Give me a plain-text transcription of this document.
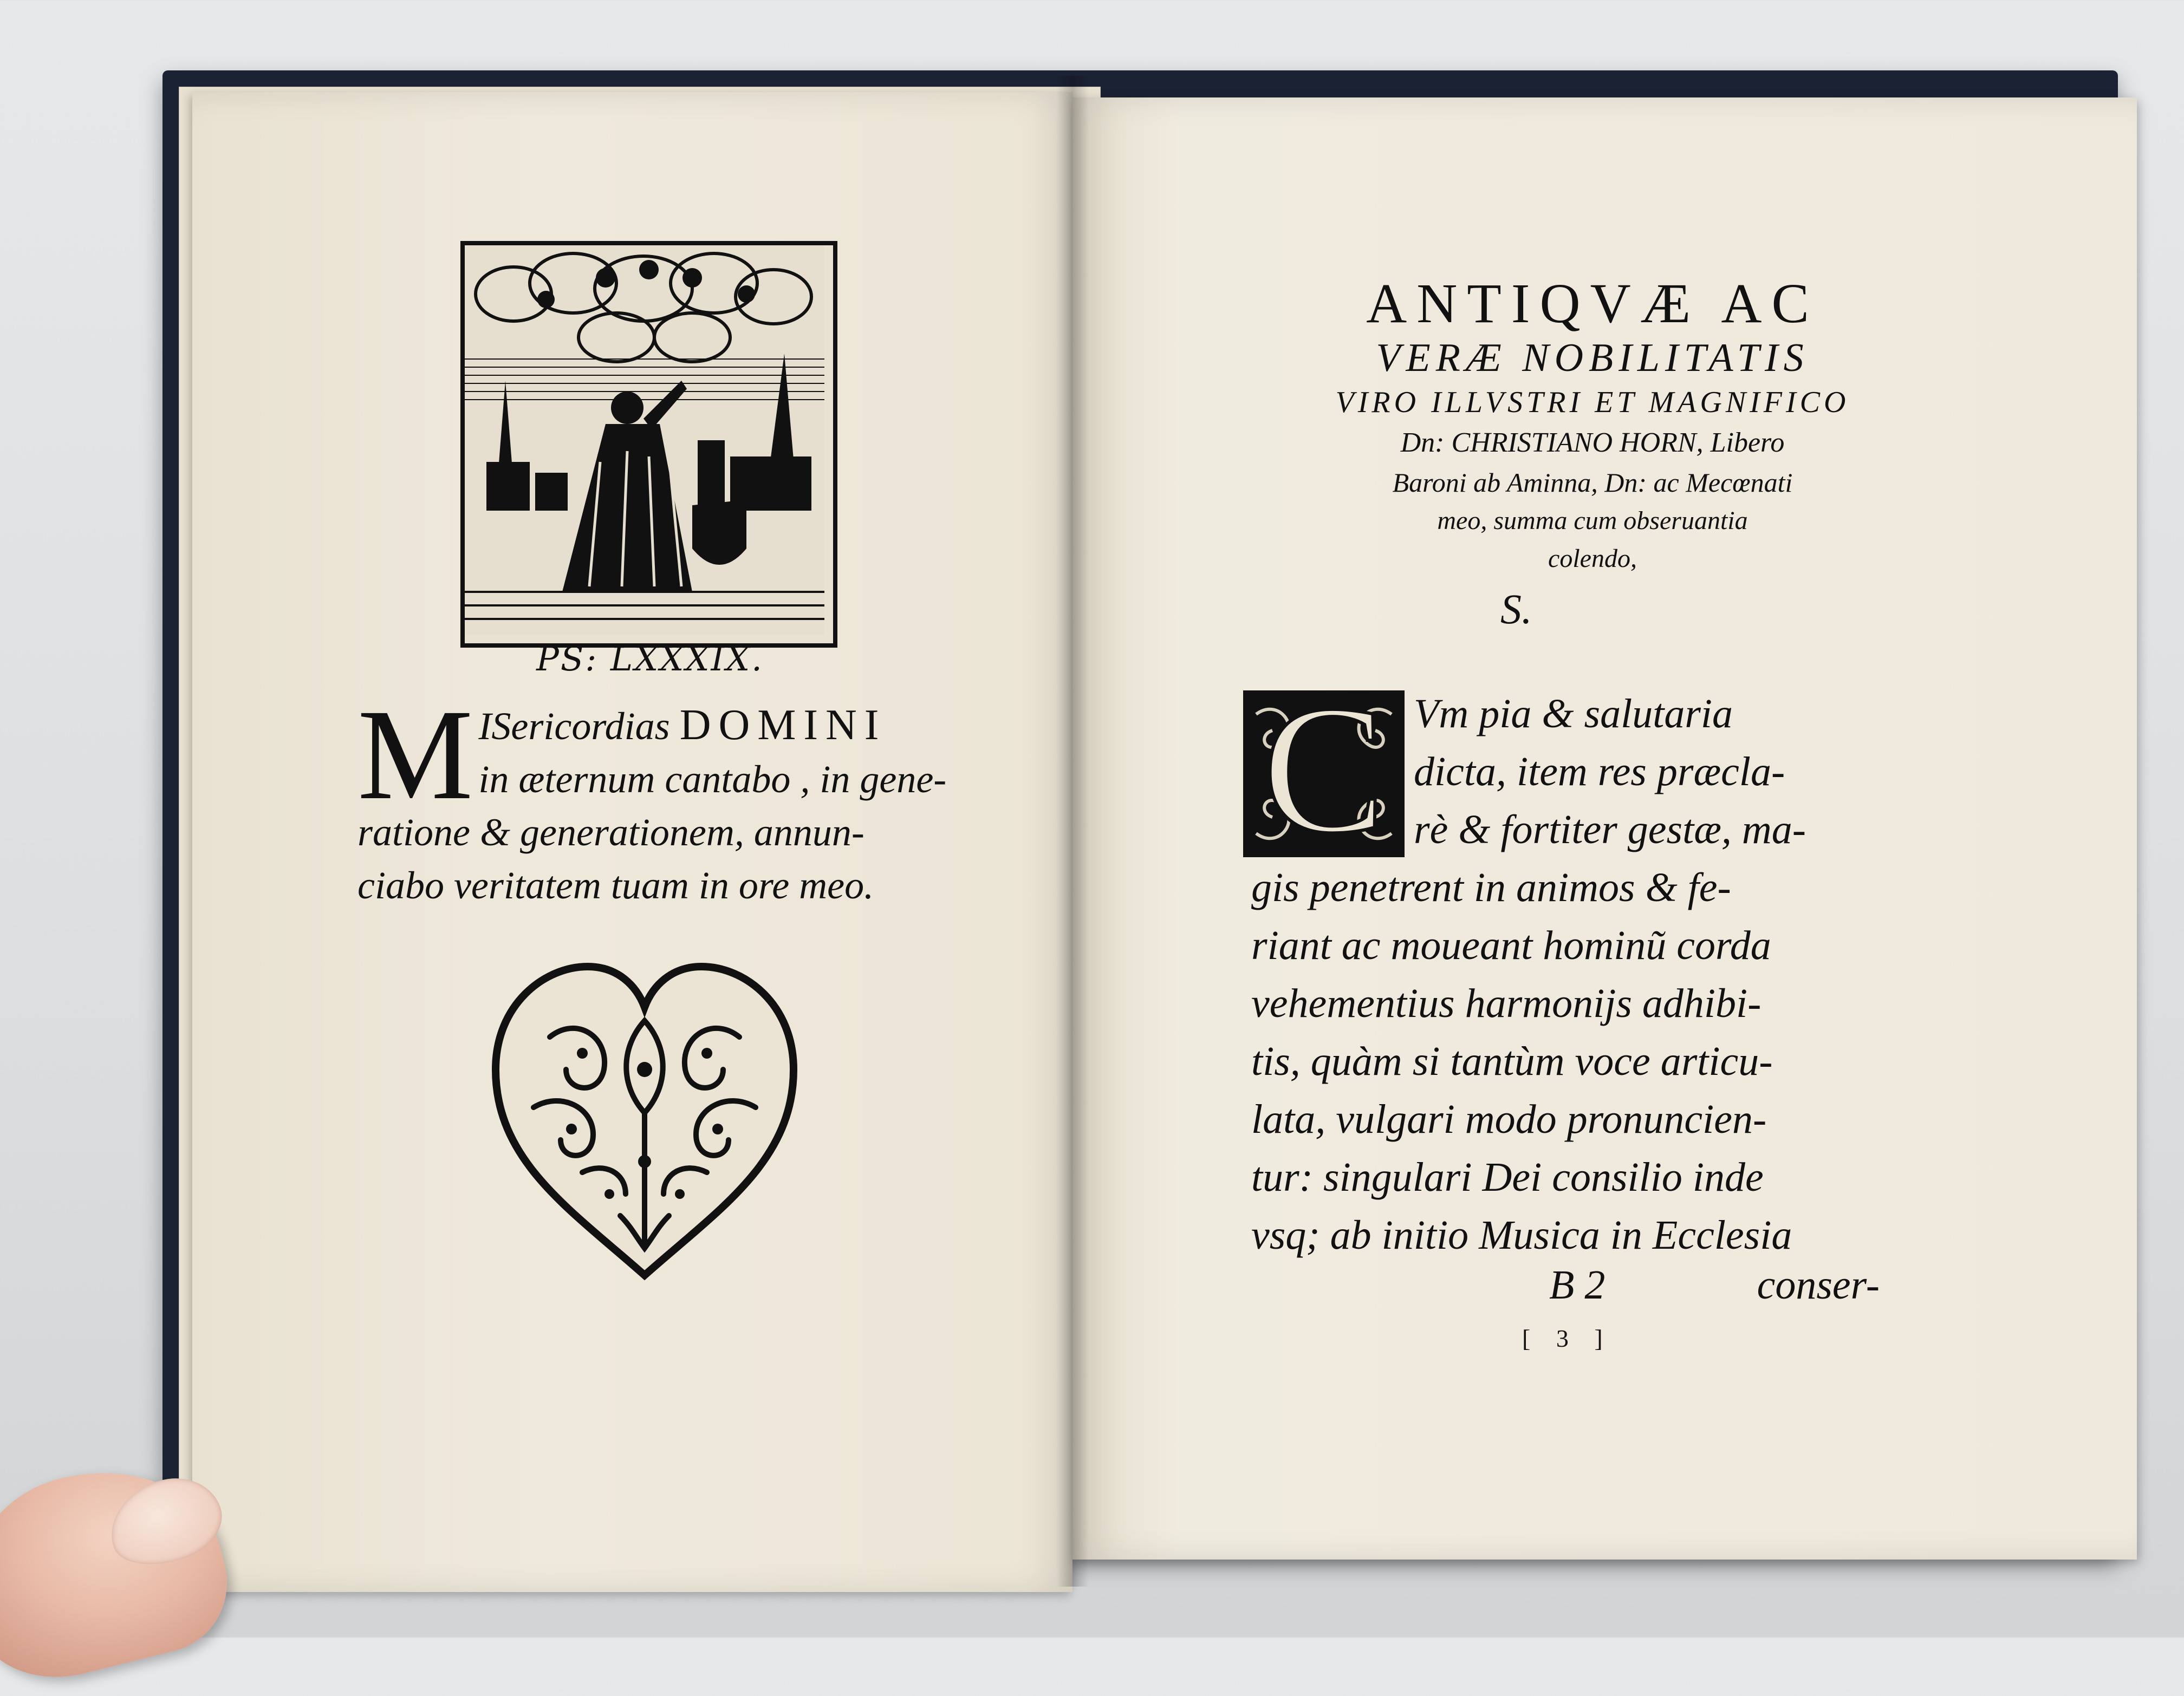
PS: LXXXIX.
M ISericordias DOMINI
in æternum cantabo , in gene-
ratione & generationem, annun-
ciabo veritatem tuam in ore meo.
ANTIQVÆ AC
VERÆ NOBILITATIS
VIRO ILLVSTRI ET MAGNIFICO
Dn: CHRISTIANO HORN, Libero
Baroni ab Aminna, Dn: ac Mecœnati
meo, summa cum obseruantia
colendo,
S.
C Vm pia & salutaria
dicta, item res præcla-
rè & fortiter gestæ, ma-
gis penetrent in animos & fe-
riant ac moueant hominũ corda
vehementius harmonijs adhibi-
tis, quàm si tantùm voce articu-
lata, vulgari modo pronuncien-
tur: singulari Dei consilio inde
vsq; ab initio Musica in Ecclesia
B 2	conser-
[ 3 ]
